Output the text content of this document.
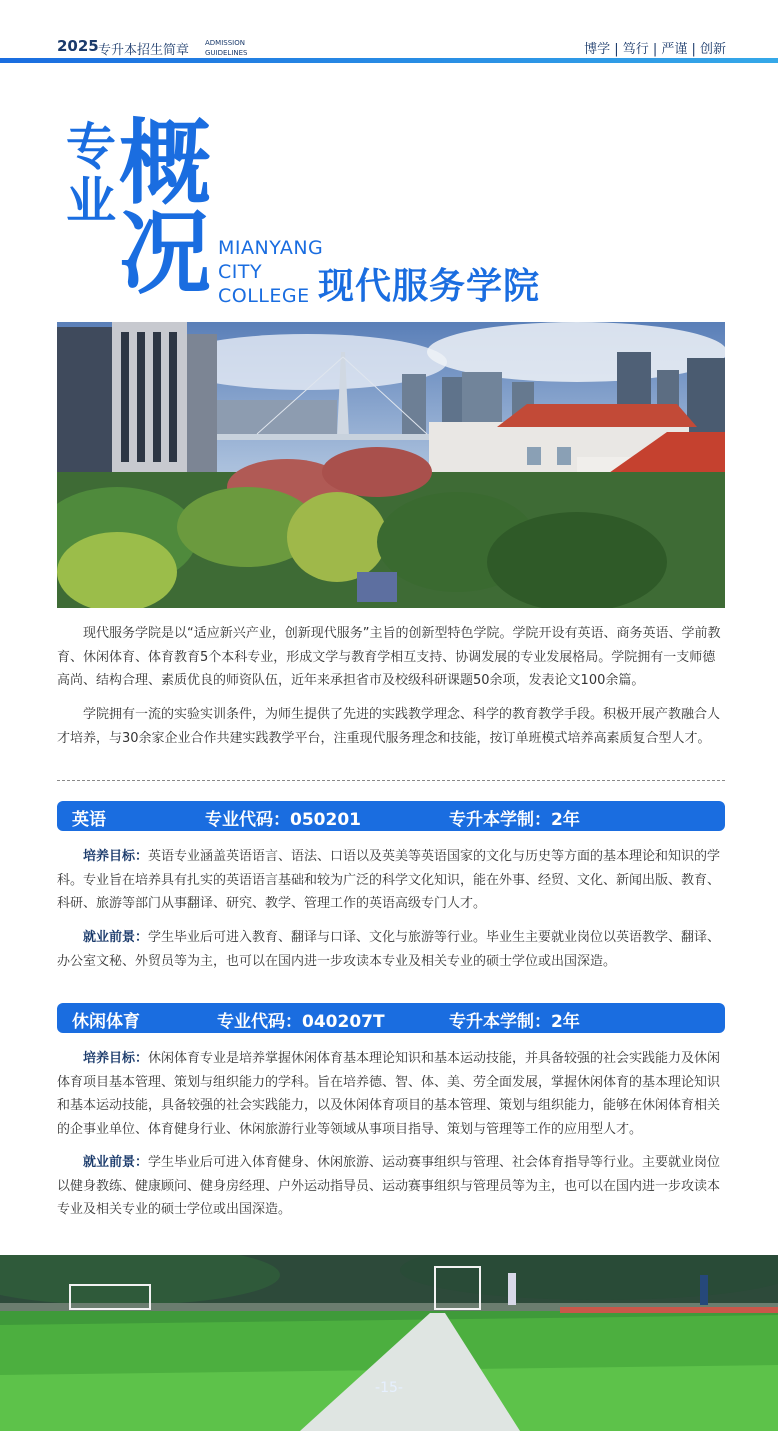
2025 专升本招生简章 ADMISSION
GUIDELINES	博学 | 笃行 | 严谨 | 创新
专
业 概
况 MIANYANG
CITY
COLLEGE 现代服务学院

现代服务学院是以“适应新兴产业，创新现代服务”主旨的创新型特色学院。学院开设有英语、商务英语、学前教育、休闲体育、体育教育5个本科专业，形成文学与教育学相互支持、协调发展的专业发展格局。学院拥有一支师德高尚、结构合理、素质优良的师资队伍，近年来承担省市及校级科研课题50余项，发表论文100余篇。

学院拥有一流的实验实训条件，为师生提供了先进的实践教学理念、科学的教育教学手段。积极开展产教融合人才培养，与30余家企业合作共建实践教学平台，注重现代服务理念和技能，按订单班模式培养高素质复合型人才。

英语	专业代码：050201	专升本学制：2年

培养目标：英语专业涵盖英语语言、语法、口语以及英美等英语国家的文化与历史等方面的基本理论和知识的学科。专业旨在培养具有扎实的英语语言基础和较为广泛的科学文化知识，能在外事、经贸、文化、新闻出版、教育、科研、旅游等部门从事翻译、研究、教学、管理工作的英语高级专门人才。

就业前景：学生毕业后可进入教育、翻译与口译、文化与旅游等行业。毕业生主要就业岗位以英语教学、翻译、办公室文秘、外贸员等为主，也可以在国内进一步攻读本专业及相关专业的硕士学位或出国深造。

休闲体育	专业代码：040207T	专升本学制：2年

培养目标：休闲体育专业是培养掌握休闲体育基本理论知识和基本运动技能，并具备较强的社会实践能力及休闲体育项目基本管理、策划与组织能力的学科。旨在培养德、智、体、美、劳全面发展，掌握休闲体育的基本理论知识和基本运动技能，具备较强的社会实践能力，以及休闲体育项目的基本管理、策划与组织能力，能够在休闲体育相关的企事业单位、体育健身行业、休闲旅游行业等领域从事项目指导、策划与管理等工作的应用型人才。

就业前景：学生毕业后可进入体育健身、休闲旅游、运动赛事组织与管理、社会体育指导等行业。主要就业岗位以健身教练、健康顾问、健身房经理、户外运动指导员、运动赛事组织与管理员等为主，也可以在国内进一步攻读本专业及相关专业的硕士学位或出国深造。

-15-
